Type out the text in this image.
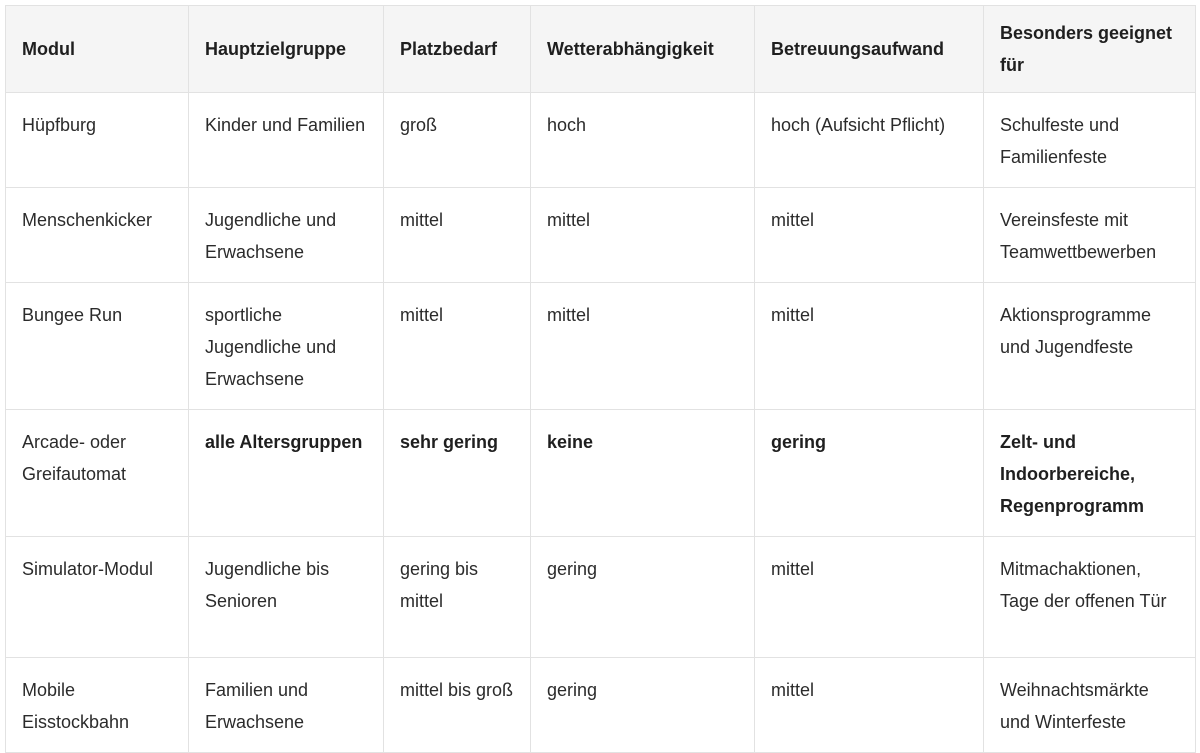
Modul	Hauptzielgruppe	Platzbedarf	Wetterabhängigkeit	Betreuungsaufwand	Besonders geeignet für
Hüpfburg	Kinder und Familien	groß	hoch	hoch (Aufsicht Pflicht)	Schulfeste und Familienfeste
Menschenkicker	Jugendliche und Erwachsene	mittel	mittel	mittel	Vereinsfeste mit Teamwettbewerben
Bungee Run	sportliche Jugendliche und Erwachsene	mittel	mittel	mittel	Aktionsprogramme und Jugendfeste
Arcade- oder Greifautomat	alle Altersgruppen	sehr gering	keine	gering	Zelt- und Indoorbereiche, Regenprogramm
Simulator-Modul	Jugendliche bis Senioren	gering bis mittel	gering	mittel	Mitmachaktionen, Tage der offenen Tür
Mobile Eisstockbahn	Familien und Erwachsene	mittel bis groß	gering	mittel	Weihnachtsmärkte und Winterfeste
